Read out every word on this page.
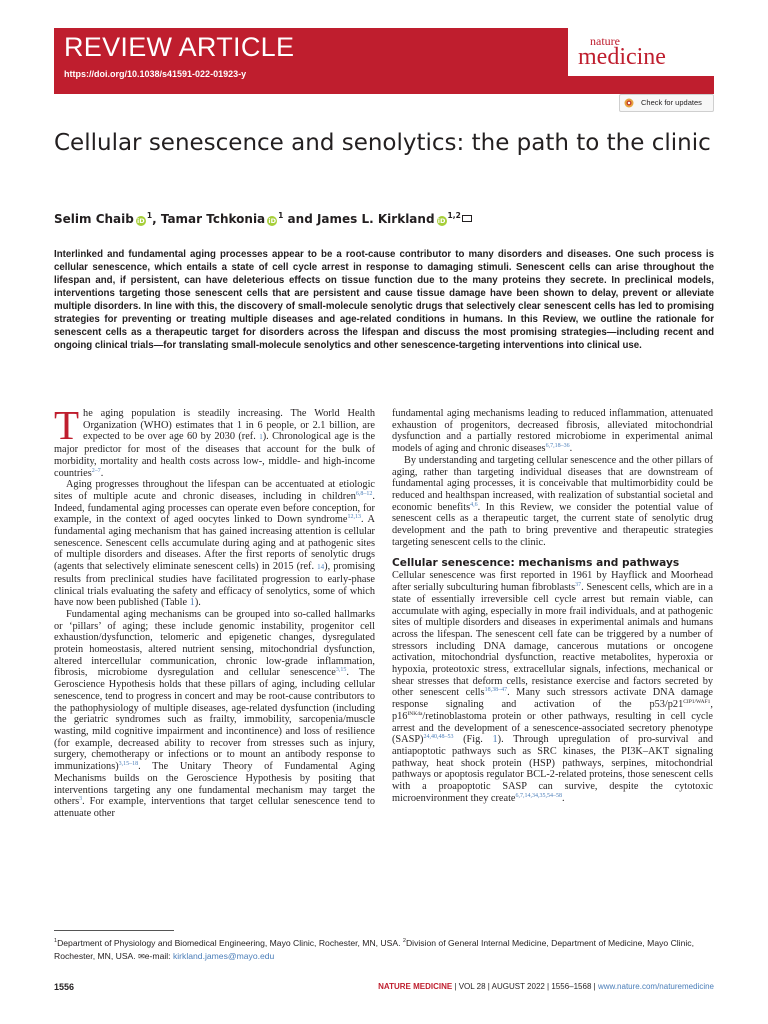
REVIEW ARTICLE
https://doi.org/10.1038/s41591-022-01923-y
nature
medicine
Check for updates
Cellular senescence and senolytics: the path to the clinic
Selim Chaib $iD^1$, Tamar Tchkonia $iD^1$ and James L. Kirkland iD$^{1,2}$

Interlinked and fundamental aging processes appear to be a root-cause contributor to many disorders and diseases. One such process is cellular senescence, which entails a state of cell cycle arrest in response to damaging stimuli. Senescent cells can arise throughout the lifespan and, if persistent, can have deleterious effects on tissue function due to the many proteins they secrete. In preclinical models, interventions targeting those senescent cells that are persistent and cause tissue damage have been shown to delay, prevent or alleviate multiple disorders. In line with this, the discovery of small-molecule senolytic drugs that selectively clear senescent cells has led to promising strategies for preventing or treating multiple diseases and age-related conditions in humans. In this Review, we outline the rationale for senescent cells as a therapeutic target for disorders across the lifespan and discuss the most promising strategies—including recent and ongoing clinical trials—for translating small-molecule senolytics and other senescence-targeting interventions into clinical use.

The aging population is steadily increasing. The World Health Organization (WHO) estimates that 1 in 6 people, or 2.1 billion, are expected to be over age 60 by 2030 (ref. 1). Chronological age is the major predictor for most of the diseases that account for the bulk of morbidity, mortality and health costs across low-, middle- and high-income countries$^{2-7}$.

Aging progresses throughout the lifespan can be accentuated at etiologic sites of multiple acute and chronic diseases, including in children$^{6,8-12}$. Indeed, fundamental aging processes can operate even before conception, for example, in the context of aged oocytes linked to Down syndrome$^{12,13}$. A fundamental aging mechanism that has gained increasing attention is cellular senescence. Senescent cells accumulate during aging and at pathogenic sites of multiple disorders and diseases. After the first reports of senolytic drugs (agents that selectively eliminate senescent cells) in 2015 (ref. 14), promising results from preclinical studies have facilitated progression to early-phase clinical trials evaluating the safety and efficacy of senolytics, some of which have now been published (Table 1).

Fundamental aging mechanisms can be grouped into so-called hallmarks or ‘pillars’ of aging; these include genomic instability, progenitor cell exhaustion/dysfunction, telomeric and epigenetic changes, dysregulated protein homeostasis, altered nutrient sensing, mitochondrial dysfunction, altered intercellular communication, chronic low-grade inflammation, fibrosis, microbiome dysregulation and cellular senescence$^{3,15}$. The Geroscience Hypothesis holds that these pillars of aging, including cellular senescence, tend to progress in concert and may be root-cause contributors to the pathophysiology of multiple diseases, age-related dysfunction (including the geriatric syndromes such as frailty, immobility, sarcopenia/muscle wasting, mild cognitive impairment and incontinence) and loss of resilience (for example, decreased ability to recover from stresses such as injury, surgery, chemotherapy or infections or to mount an antibody response to immunizations)$^{3,15-18}$. The Unitary Theory of Fundamental Aging Mechanisms builds on the Geroscience Hypothesis by positing that interventions targeting any one fundamental mechanism may target the others$^3$. For example, interventions that target cellular senescence tend to attenuate other

fundamental aging mechanisms leading to reduced inflammation, attenuated exhaustion of progenitors, decreased fibrosis, alleviated mitochondrial dysfunction and a partially restored microbiome in experimental animal models of aging and chronic diseases$^{6,7,18-36}$.

By understanding and targeting cellular senescence and the other pillars of aging, rather than targeting individual diseases that are downstream of fundamental aging processes, it is conceivable that multimorbidity could be reduced and healthspan increased, with realization of substantial societal and economic benefits$^{4,6}$. In this Review, we consider the potential value of senescent cells as a therapeutic target, the current state of senolytic drug development and the path to bring preventive and therapeutic strategies targeting senescent cells to the clinic.

Cellular senescence: mechanisms and pathways

Cellular senescence was first reported in 1961 by Hayflick and Moorhead after serially subculturing human fibroblasts$^{37}$. Senescent cells, which are in a state of essentially irreversible cell cycle arrest but remain viable, can accumulate with aging, especially in more frail individuals, and at pathogenic sites of multiple disorders and diseases in experimental animals and humans across the lifespan. The senescent cell fate can be triggered by a number of stressors including DNA damage, cancerous mutations or oncogene activation, mitochondrial dysfunction, reactive metabolites, hyperoxia or hypoxia, proteotoxic stress, extracellular signals, infections, mechanical or shear stresses that deform cells, resistance exercise and factors secreted by other senescent cells$^{18,38-47}$. Many such stressors activate DNA damage response signaling and activation of the $p53/p21^{CIP1/WAF1}$, $p16^{INK4a}$/retinoblastoma protein or other pathways, resulting in cell cycle arrest and the development of a senescence-associated secretory phenotype (SASP)$^{24,40,48-53}$ (Fig. 1). Through upregulation of pro-survival and antiapoptotic pathways such as SRC kinases, the PI3K–AKT signaling pathway, heat shock protein (HSP) pathways, serpines, mitochondrial pathways or apoptosis regulator BCL-2-related proteins, those senescent cells with a proapoptotic SASP can survive, despite the cytotoxic microenvironment they create$^{6,7,14,34,35,54-58}$.

$^1$Department of Physiology and Biomedical Engineering, Mayo Clinic, Rochester, MN, USA. $^2$Division of General Internal Medicine, Department of Medicine, Mayo Clinic, Rochester, MN, USA. ✉e-mail: kirkland.james@mayo.edu
1556	NATURE MEDICINE | VOL 28 | AUGUST 2022 | 1556–1568 | www.nature.com/naturemedicine
